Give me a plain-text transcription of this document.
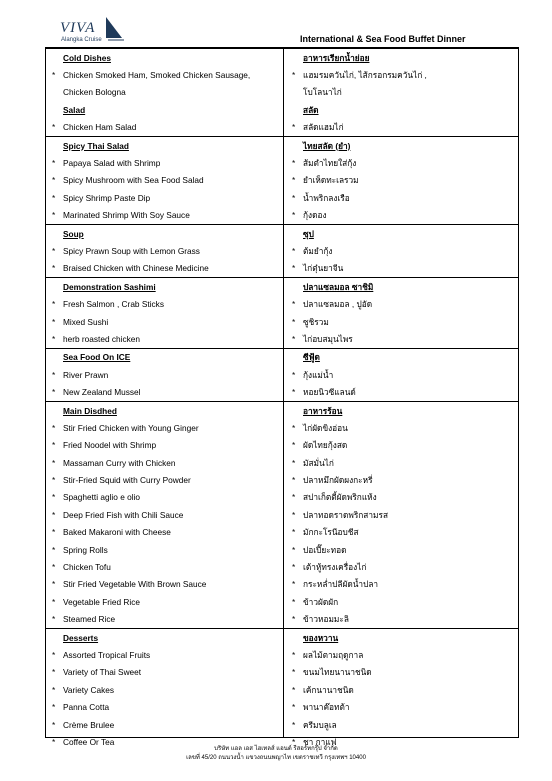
VIVA
Alangka Cruise	International & Sea Food Buffet Dinner
Cold Dishes	อาหารเรียกน้ำย่อย
*	*
Chicken Smoked Ham, Smoked Chicken Sausage,	แฮมรมควันไก่, ไส้กรอกรมควันไก่ ,
Chicken Bologna	โบโลนาไก่
Salad	สลัด
*	*
Chicken Ham Salad	สลัดแฮมไก่
Spicy Thai Salad	ไทยสลัด (ยำ)
*	*
Papaya Salad with Shrimp	ส้มตำไทยใส่กุ้ง
*	*
Spicy Mushroom with Sea Food Salad	ยำเห็ดทะเลรวม
*	*
Spicy Shrimp Paste Dip	น้ำพริกลงเรือ
*	*
Marinated Shrimp With Soy Sauce	กุ้งดอง
Soup	ซุป
*	*
Spicy Prawn Soup with Lemon Grass	ต้มยำกุ้ง
*	*
Braised Chicken with Chinese Medicine	ไก่ตุ๋นยาจีน
Demonstration Sashimi	ปลาแซลมอล ซาชิมิ
*	*
Fresh Salmon , Crab Sticks	ปลาแซลมอล , ปูอัด
*	*
Mixed Sushi	ซูชิรวม
*	*
herb roasted chicken	ไก่อบสมุนไพร
Sea Food On ICE	ซีฟู้ด
*	*
River Prawn	กุ้งแม่น้ำ
*	*
New Zealand Mussel	หอยนิวซีแลนด์
Main Disdhed	อาหารร้อน
*	*
Stir Fried Chicken with Young Ginger	ไก่ผัดขิงอ่อน
*	*
Fried Noodel with Shrimp	ผัดไทยกุ้งสด
*	*
Massaman Curry with Chicken	มัสมั่นไก่
*	*
Stir-Fried Squid with Curry Powder	ปลาหมึกผัดผงกะหรี่
*	*
Spaghetti aglio e olio	สปาเก็ตตี้ผัดพริกแห้ง
*	*
Deep Fried Fish with Chili Sauce	ปลาทอดราดพริกสามรส
*	*
Baked Makaroni with Cheese	มักกะโรนีอบชีส
*	*
Spring Rolls	ปอเปี๊ยะทอด
*	*
Chicken Tofu	เต้าหู้ทรงเครื่องไก่
*	*
Stir Fried Vegetable With Brown Sauce	กระหล่ำปลีผัดน้ำปลา
*	*
Vegetable Fried Rice	ข้าวผัดผัก
*	*
Steamed Rice	ข้าวหอมมะลิ
Desserts	ของหวาน
*	*
Assorted Tropical Fruits	ผลไม้ตามฤดูกาล
*	*
Variety of Thai Sweet	ขนมไทยนานาชนิด
*	*
Variety Cakes	เค้กนานาชนิด
*	*
Panna Cotta	พานาค๊อทต้า
*	*
Crème Brulee	ครีมบลูเล
*	*
Coffee Or Tea	ชา กาแฟ
บริษัท แอล เอส ไฮเทลส์ แอนด์ รีสอร์ทกรุ๊ป จำกัด
เลขที่ 45/20 ถนนวงน้ำ แขวงถนนพญาไท เขตราชเทวี กรุงเทพฯ 10400
